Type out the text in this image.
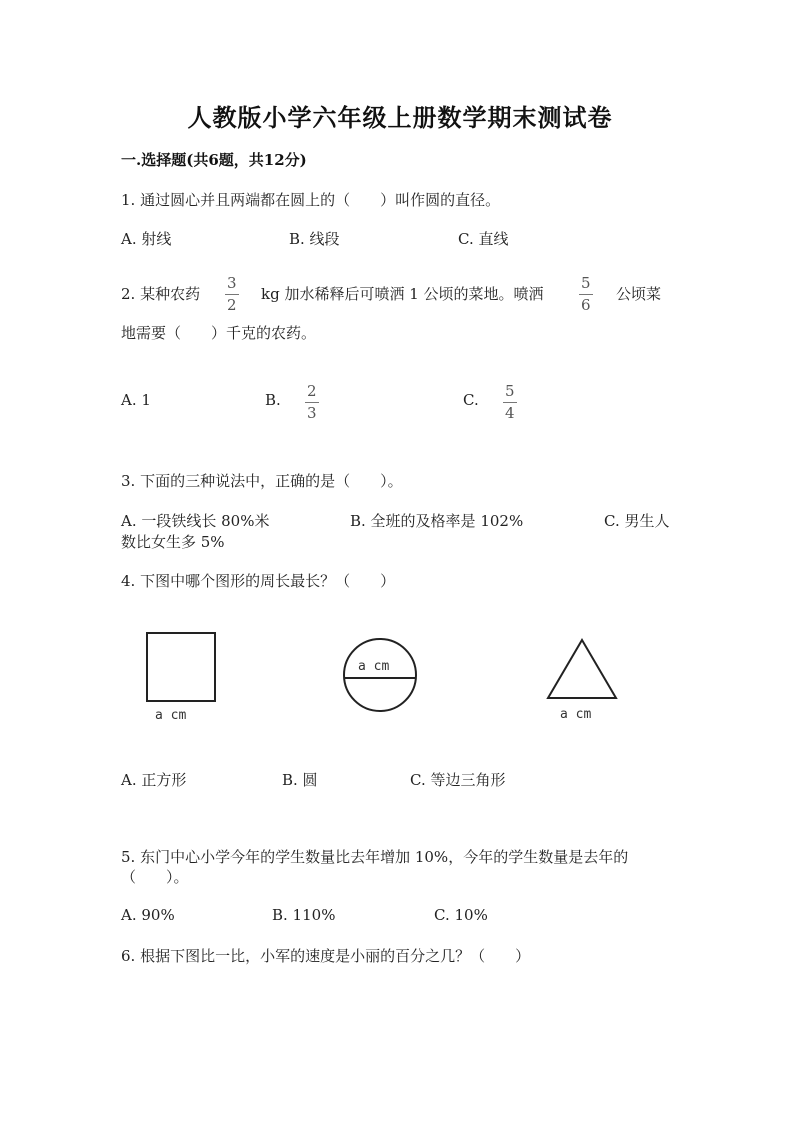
人教版小学六年级上册数学期末测试卷
一.选择题(共6题，共12分)
1. 通过圆心并且两端都在圆上的（　　）叫作圆的直径。
A. 射线	B. 线段	C. 直线
2. 某种农药 $\frac{3}{2}$ kg 加水稀释后可喷洒 1 公顷的菜地。喷洒 $\frac{5}{6}$ 公顷菜
地需要（　　）千克的农药。
A. 1	B. $\frac{2}{3}$	C. $\frac{5}{4}$
3. 下面的三种说法中，正确的是（　　）。
A. 一段铁线长 80%米	B. 全班的及格率是 102%	C. 男生人
数比女生多 5%
4. 下图中哪个图形的周长最长？（　　）
a cm
a cm
a cm
A. 正方形	B. 圆	C. 等边三角形
5. 东门中心小学今年的学生数量比去年增加 10%，今年的学生数量是去年的
（　　）。
A. 90%	B. 110%	C. 10%
6. 根据下图比一比，小军的速度是小丽的百分之几？（　　）
